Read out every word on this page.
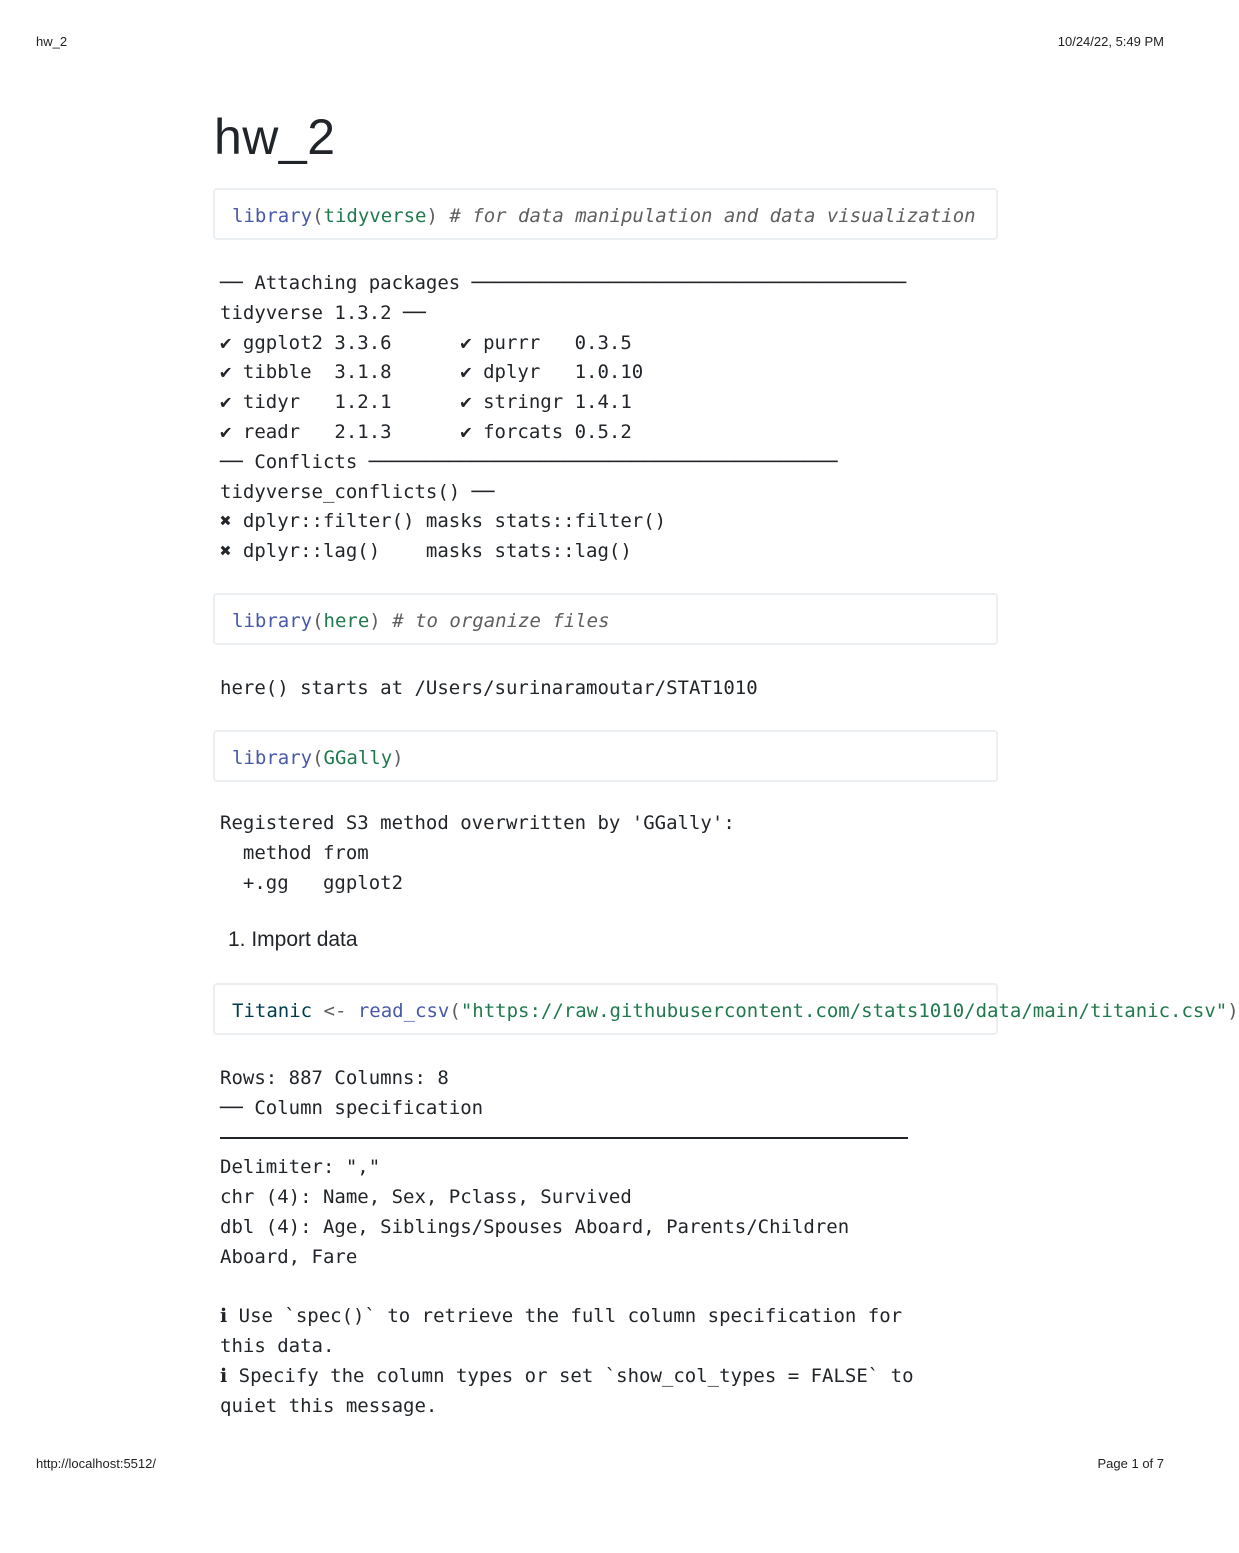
hw_2	10/24/22, 5:49 PM
hw_2
library(tidyverse) # for data manipulation and data visualization
── Attaching packages ──────────────────────────────────────
tidyverse 1.3.2 ──
✔ ggplot2 3.3.6      ✔ purrr   0.3.5
✔ tibble  3.1.8      ✔ dplyr   1.0.10
✔ tidyr   1.2.1      ✔ stringr 1.4.1
✔ readr   2.1.3      ✔ forcats 0.5.2
── Conflicts ─────────────────────────────────────────
tidyverse_conflicts() ──
✖ dplyr::filter() masks stats::filter()
✖ dplyr::lag()    masks stats::lag()
library(here) # to organize files
here() starts at /Users/surinaramoutar/STAT1010
library(GGally)
Registered S3 method overwritten by 'GGally':
method from
+.gg   ggplot2
1. Import data
Titanic <- read_csv("https://raw.githubusercontent.com/stats1010/data/main/titanic.csv")
Rows: 887 Columns: 8
── Column specification
Delimiter: ","
chr (4): Name, Sex, Pclass, Survived
dbl (4): Age, Siblings/Spouses Aboard, Parents/Children
Aboard, Fare
ℹ Use `spec()` to retrieve the full column specification for
this data.
ℹ Specify the column types or set `show_col_types = FALSE` to
quiet this message.
http://localhost:5512/	Page 1 of 7
